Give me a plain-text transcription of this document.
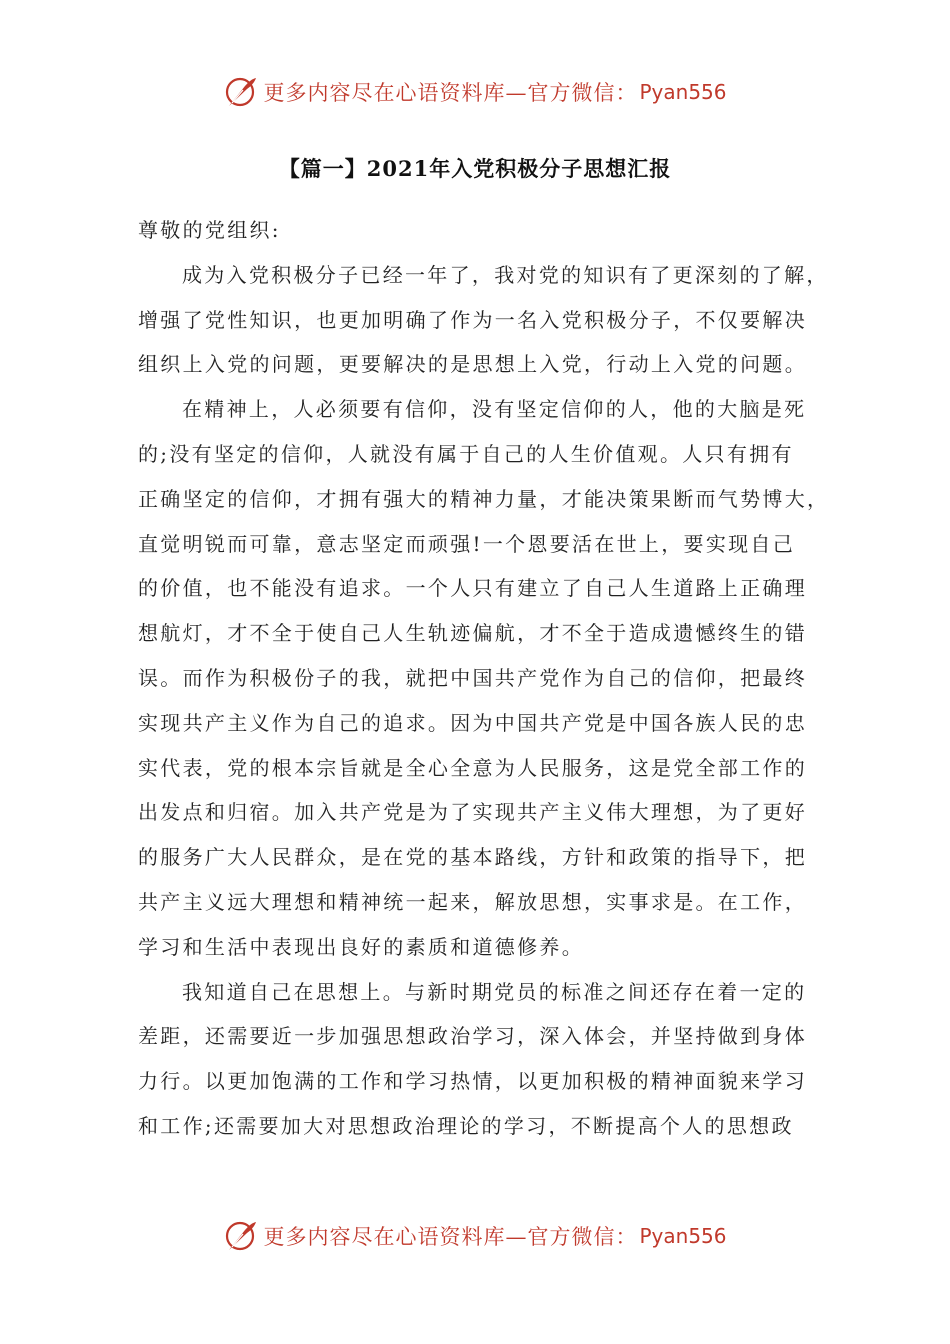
更多内容尽在心语资料库—官方微信： Pyan556
【篇一】2021年入党积极分子思想汇报
尊敬的党组织:
成为入党积极分子已经一年了，我对党的知识有了更深刻的了解，
增强了党性知识，也更加明确了作为一名入党积极分子，不仅要解决
组织上入党的问题，更要解决的是思想上入党，行动上入党的问题。
在精神上，人必须要有信仰，没有坚定信仰的人，他的大脑是死
的;没有坚定的信仰，人就没有属于自己的人生价值观。人只有拥有
正确坚定的信仰，才拥有强大的精神力量，才能决策果断而气势博大，
直觉明锐而可靠，意志坚定而顽强!一个恩要活在世上，要实现自己
的价值，也不能没有追求。一个人只有建立了自己人生道路上正确理
想航灯，才不全于使自己人生轨迹偏航，才不全于造成遗憾终生的错
误。而作为积极份子的我，就把中国共产党作为自己的信仰，把最终
实现共产主义作为自己的追求。因为中国共产党是中国各族人民的忠
实代表，党的根本宗旨就是全心全意为人民服务，这是党全部工作的
出发点和归宿。加入共产党是为了实现共产主义伟大理想，为了更好
的服务广大人民群众，是在党的基本路线，方针和政策的指导下，把
共产主义远大理想和精神统一起来，解放思想，实事求是。在工作，
学习和生活中表现出良好的素质和道德修养。
我知道自己在思想上。与新时期党员的标准之间还存在着一定的
差距，还需要近一步加强思想政治学习，深入体会，并坚持做到身体
力行。以更加饱满的工作和学习热情，以更加积极的精神面貌来学习
和工作;还需要加大对思想政治理论的学习，不断提高个人的思想政
更多内容尽在心语资料库—官方微信： Pyan556
